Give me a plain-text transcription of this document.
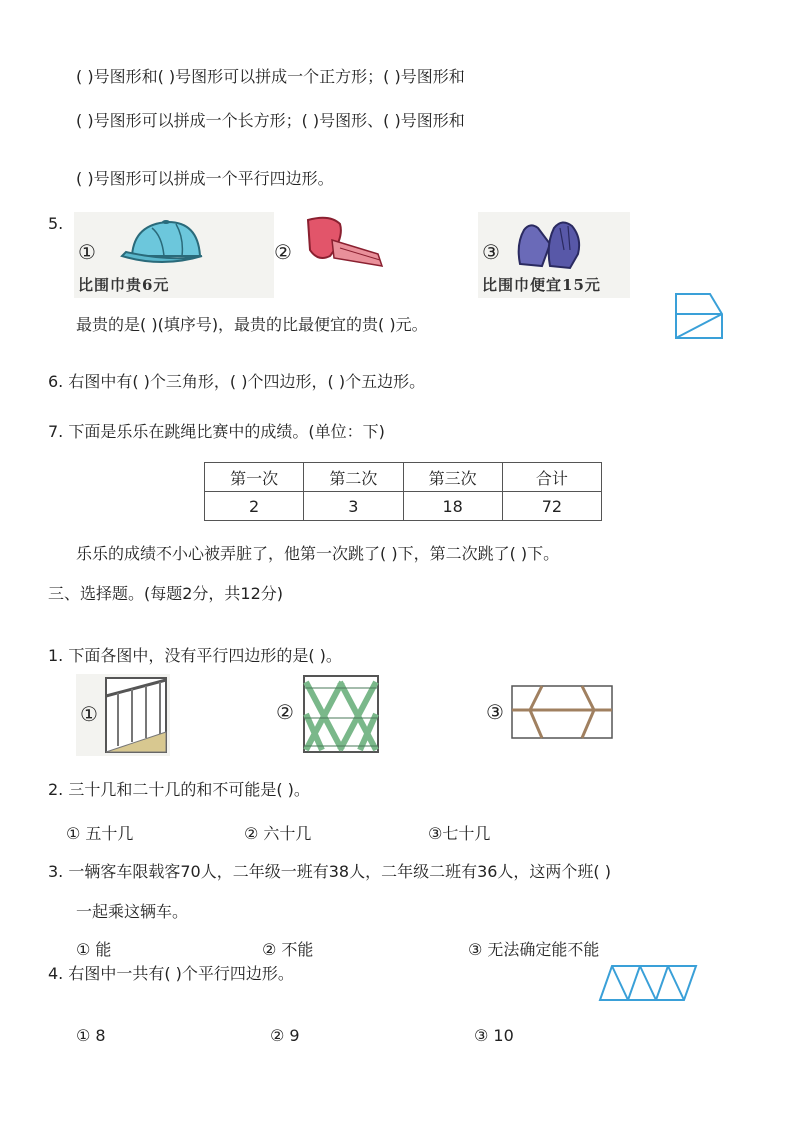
( )号图形和( )号图形可以拼成一个正方形；( )号图形和
( )号图形可以拼成一个长方形；( )号图形、( )号图形和
( )号图形可以拼成一个平行四边形。
5.
①
比围巾贵6元
②	③
比围巾便宜15元
最贵的是( )(填序号)，最贵的比最便宜的贵( )元。
6. 右图中有( )个三角形，( )个四边形，( )个五边形。
7. 下面是乐乐在跳绳比赛中的成绩。(单位：下)
第一次	第二次	第三次	合计
2	3	18	72
乐乐的成绩不小心被弄脏了，他第一次跳了( )下，第二次跳了( )下。
三、选择题。(每题2分，共12分)
1. 下面各图中，没有平行四边形的是( )。
①	②	③
2. 三十几和二十几的和不可能是( )。
① 五十几	② 六十几	③七十几
3. 一辆客车限载客70人，二年级一班有38人，二年级二班有36人，这两个班( )
一起乘这辆车。
① 能	② 不能	③ 无法确定能不能
4. 右图中一共有( )个平行四边形。
① 8	② 9	③ 10
